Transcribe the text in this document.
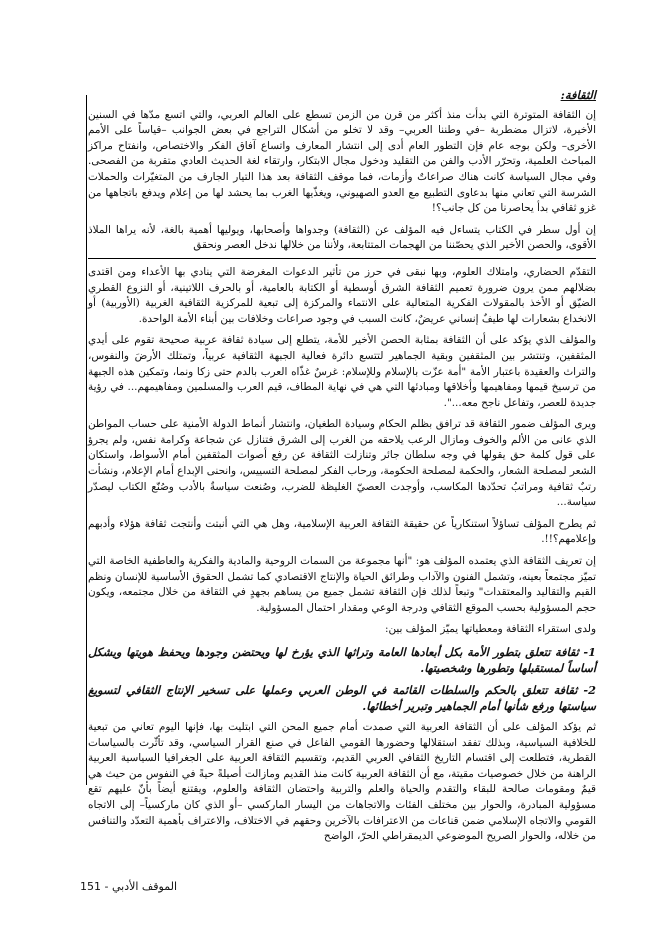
الثقافة:

إن الثقافة المتوترة التي بدأت منذ أكثر من قرن من الزمن تسطع على العالم العربي، والتي اتسع مدّها في السنين الأخيرة، لاتزال مضطربة –في وطننا العربي– وقد لا تخلو من أشكال التراجع في بعض الجوانب –قياساً على الأمم الأخرى– ولكن بوجه عام فإن التطور العام أدى إلى انتشار المعارف واتساع آفاق الفكر والاختصاص، وانفتاح مراكز المباحث العلمية، وتحرّر الأدب والفن من التقليد ودخول مجال الابتكار، وارتقاء لغة الحديث العادي متقربة من الفصحى. وفي مجال السياسة كانت هناك صراعاتٌ وأزمات، فما موقف الثقافة بعد هذا التيار الجارف من المتغيّرات والحملات الشرسة التي تعاني منها بدعاوى التطبيع مع العدو الصهيوني، ويغذّيها الغرب بما يحشد لها من إعلام ويدفع باتجاهها من غزو ثقافي بدأ يحاصرنا من كل جانب؟!

إن أول سطر في الكتاب يتساءل فيه المؤلف عن (الثقافة) وجدواها وأصحابها، ويوليها أهمية بالغة، لأنه يراها الملاذ الأقوى، والحصن الأخير الذي يحصّننا من الهجمات المتتابعة، ولأننا من خلالها ندخل العصر ونحقق

التقدّم الحضاري، وامتلاك العلوم، وبها نبقى في حرز من تأثير الدعوات المغرضة التي ينادي بها الأعداء ومن اقتدى بضلالهم ممن يرون ضرورة تعميم الثقافة الشرق أوسطية أو الكتابة بالعامية، أو بالحرف اللاتينية، أو النزوع القطري الضيّق أو الأخذ بالمقولات الفكرية المتعالية على الانتماء والمركزة إلى تبعية للمركزية الثقافية الغربية (الأوربية) أو الانخداع بشعارات لها طيفٌ إنساني عريضٌ، كانت السبب في وجود صراعات وخلافات بين أبناء الأمة الواحدة.

والمؤلف الذي يؤكد على أن الثقافة بمثابة الحصن الأخير للأمة، يتطلع إلى سيادة ثقافة عربية صحيحة تقوم على أيدي المثقفين، وتنتشر بين المثقفين وبقية الجماهير لتتسع دائرة فعالية الجبهة الثقافية عربياً، وتمتلك الأرضَ والنفوس، والتراث والعقيدة باعتبار الأمة "أمة عزّت بالإسلام وللإسلام: غرسٌ غذّاه العرب بالدم حتى زكا ونما، وتمكين هذه الجبهة من ترسيخ قيمها ومفاهيمها وأخلاقها ومبادئها التي هي في نهاية المطاف، قيم العرب والمسلمين ومفاهيمهم... في رؤية جديدة للعصر، وتفاعل ناجح معه...".

ويرى المؤلف ضمور الثقافة قد ترافق بظلم الحكام وسيادة الطغيان، وانتشار أنماط الدولة الأمنية على حساب المواطن الذي عانى من الألم والخوف ومازال الرعب يلاحقه من الغرب إلى الشرق فتنازل عن شجاعة وكرامة نفس، ولم يجرؤ على قول كلمة حق يقولها في وجه سلطان جائر وتنازلت الثقافة عن رفع أصوات المثقفين أمام الأسواط، واستكان الشعر لمصلحة الشعار، والحكمة لمصلحة الحكومة، ورحاب الفكر لمصلحة التسييس، وانحنى الإبداع أمام الإعلام، ونشأت رتبٌ ثقافية ومراتبُ تحدّدها المكاسب، وأوجدت العصيّ الغليظة للضرب، وصُنعت سياسةٌ بالأدب وصُنّع الكتاب ليصدّر سياسة...

ثم يطرح المؤلف تساؤلاً استنكارياً عن حقيقة الثقافة العربية الإسلامية، وهل هي التي أنبتت وأنتجت ثقافة هؤلاء وأدبهم وإعلامهم؟!!.

إن تعريف الثقافة الذي يعتمده المؤلف هو: "أنها مجموعة من السمات الروحية والمادية والفكرية والعاطفية الخاصة التي تميّز مجتمعاً بعينه، وتشمل الفنون والآداب وطرائق الحياة والإنتاج الاقتصادي كما تشمل الحقوق الأساسية للإنسان ونظم القيم والتقاليد والمعتقدات" وتبعاً لذلك فإن الثقافة تشمل جميع من يساهم بجهدٍ في الثقافة من خلال مجتمعه، ويكون حجم المسؤولية بحسب الموقع الثقافي ودرجة الوعي ومقدار احتمال المسؤولية.

ولدى استقراء الثقافة ومعطياتها يميّز المؤلف بين:

1- ثقافة تتعلق بتطور الأمة بكل أبعادها العامة وتراثها الذي يؤرخ لها ويحتضن وجودها ويحفظ هويتها ويشكل أساساً لمستقبلها وتطورها وشخصيتها.

2- ثقافة تتعلق بالحكم والسلطات القائمة في الوطن العربي وعملها على تسخير الإنتاج الثقافي لتسويغ سياستها ورفع شأنها أمام الجماهير وتبرير أخطائها.

ثم يؤكد المؤلف على أن الثقافة العربية التي صمدت أمام جميع المحن التي ابتليت بها، فإنها اليوم تعاني من تبعية للخلافية السياسية، وبذلك تفقد استقلالها وحضورها القومي الفاعل في صنع القرار السياسي، وقد تأثّرت بالسياسات القطرية، فتطلعت إلى اقتسام التاريخ الثقافي العربي القديم، وتقسيم الثقافة العربية على الجغرافيا السياسية العربية الراهنة من خلال خصوصيات مقيتة، مع أن الثقافة العربية كانت منذ القديم ومازالت أصيلةً حيةً في النفوس من حيث هي قيمٌ ومقومات صالحة للبقاء والتقدم والحياة والعلم والتربية واحتضان الثقافة والعلوم، ويقتنع أيضاً بأنّ عليهم تقع مسؤولية المبادرة، والحوار بين مختلف الفئات والاتجاهات من اليسار الماركسي –أو الذي كان ماركسياً– إلى الاتجاه القومي والاتجاه الإسلامي ضمن قناعات من الاعترافات بالآخرين وحقهم في الاختلاف، والاعتراف بأهمية التعدّد والتنافس من خلاله، والحوار الصريح الموضوعي الديمقراطي الحرّ، الواضح

الموقف الأدبي - 151
